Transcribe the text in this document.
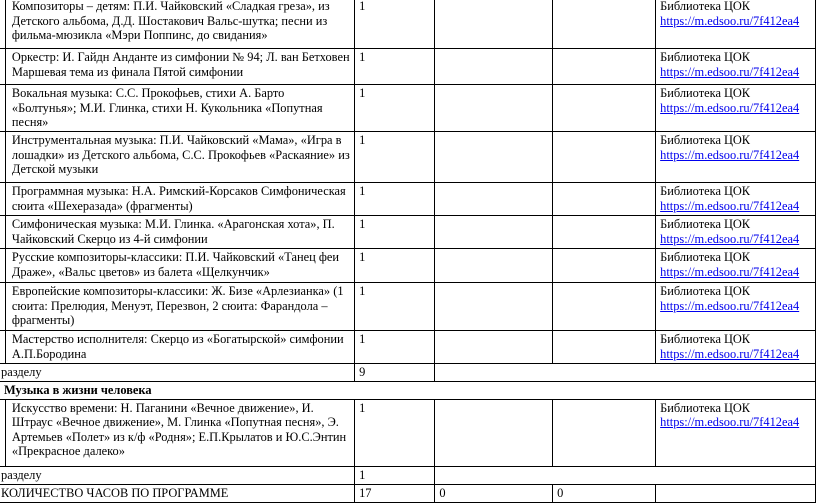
	Композиторы – детям: П.И. Чайковский «Сладкая греза», из Детского альбома, Д.Д. Шостакович Вальс-шутка; песни из фильма-мюзикла «Мэри Поппинс, до свидания»	1			Библиотека ЦОК
https://m.edsoo.ru/7f412ea4

	Оркестр: И. Гайдн Анданте из симфонии № 94; Л. ван Бетховен Маршевая тема из финала Пятой симфонии	1			Библиотека ЦОК
https://m.edsoo.ru/7f412ea4

	Вокальная музыка: С.С. Прокофьев, стихи А. Барто «Болтунья»; М.И. Глинка, стихи Н. Кукольника «Попутная песня»	1			Библиотека ЦОК
https://m.edsoo.ru/7f412ea4

	Инструментальная музыка: П.И. Чайковский «Мама», «Игра в лошадки» из Детского альбома, С.С. Прокофьев «Раскаяние» из Детской музыки	1			Библиотека ЦОК
https://m.edsoo.ru/7f412ea4

	Программная музыка: Н.А. Римский-Корсаков Симфоническая сюита «Шехеразада» (фрагменты)	1			Библиотека ЦОК
https://m.edsoo.ru/7f412ea4

	Симфоническая музыка: М.И. Глинка. «Арагонская хота», П. Чайковский Скерцо из 4-й симфонии	1			Библиотека ЦОК
https://m.edsoo.ru/7f412ea4

	Русские композиторы-классики: П.И. Чайковский «Танец феи Драже», «Вальс цветов» из балета «Щелкунчик»	1			Библиотека ЦОК
https://m.edsoo.ru/7f412ea4

	Европейские композиторы-классики: Ж. Бизе «Арлезианка» (1 сюита: Прелюдия, Менуэт, Перезвон, 2 сюита: Фарандола – фрагменты)	1			Библиотека ЦОК
https://m.edsoo.ru/7f412ea4

	Мастерство исполнителя: Скерцо из «Богатырской» симфонии А.П.Бородина	1			Библиотека ЦОК
https://m.edsoo.ru/7f412ea4

разделу		9			
Музыка в жизни человека					
	Искусство времени: Н. Паганини «Вечное движение», И. Штраус «Вечное движение», М. Глинка «Попутная песня», Э. Артемьев «Полет» из к/ф «Родня»; Е.П.Крылатов и Ю.С.Энтин «Прекрасное далеко»	1			Библиотека ЦОК
https://m.edsoo.ru/7f412ea4

разделу		1			
КОЛИЧЕСТВО ЧАСОВ ПО ПРОГРАММЕ		17	0	0	
